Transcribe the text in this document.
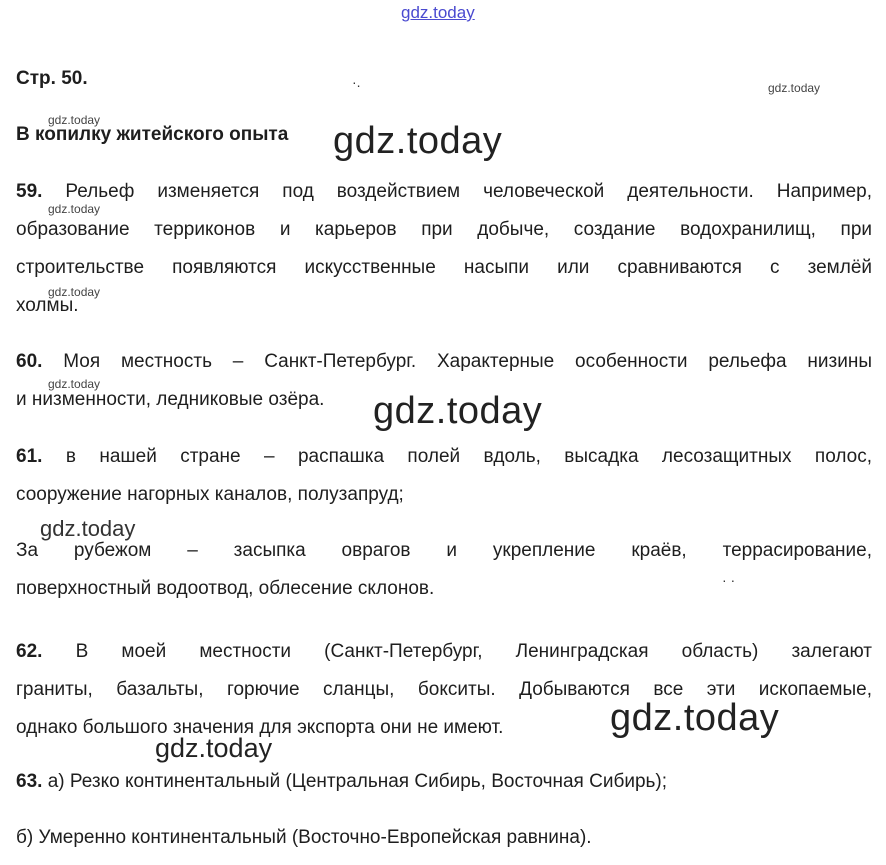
gdz.today
Стр. 50.	·.	gdz.today
gdz.today
В копилку житейского опыта gdz.today
59. Рельеф изменяется под воздействием человеческой деятельности. Например,
образование терриконов и карьеров при добыче, создание водохранилищ, при
строительстве появляются искусственные насыпи или сравниваются с землёй
холмы.
gdz.today
gdz.today
60. Моя местность – Санкт-Петербург. Характерные особенности рельефа низины
и низменности, ледниковые озёра.
gdz.today
gdz.today
61. в нашей стране – распашка полей вдоль, высадка лесозащитных полос,
сооружение нагорных каналов, полузапруд;
gdz.today
За рубежом – засыпка оврагов и укрепление краёв, террасирование,
поверхностный водоотвод, облесение склонов.	· ·
62. В моей местности (Санкт-Петербург, Ленинградская область) залегают
граниты, базальты, горючие сланцы, бокситы. Добываются все эти ископаемые,
однако большого значения для экспорта они не имеют.	gdz.today
gdz.today
63. а) Резко континентальный (Центральная Сибирь, Восточная Сибирь);
б) Умеренно континентальный (Восточно-Европейская равнина).
